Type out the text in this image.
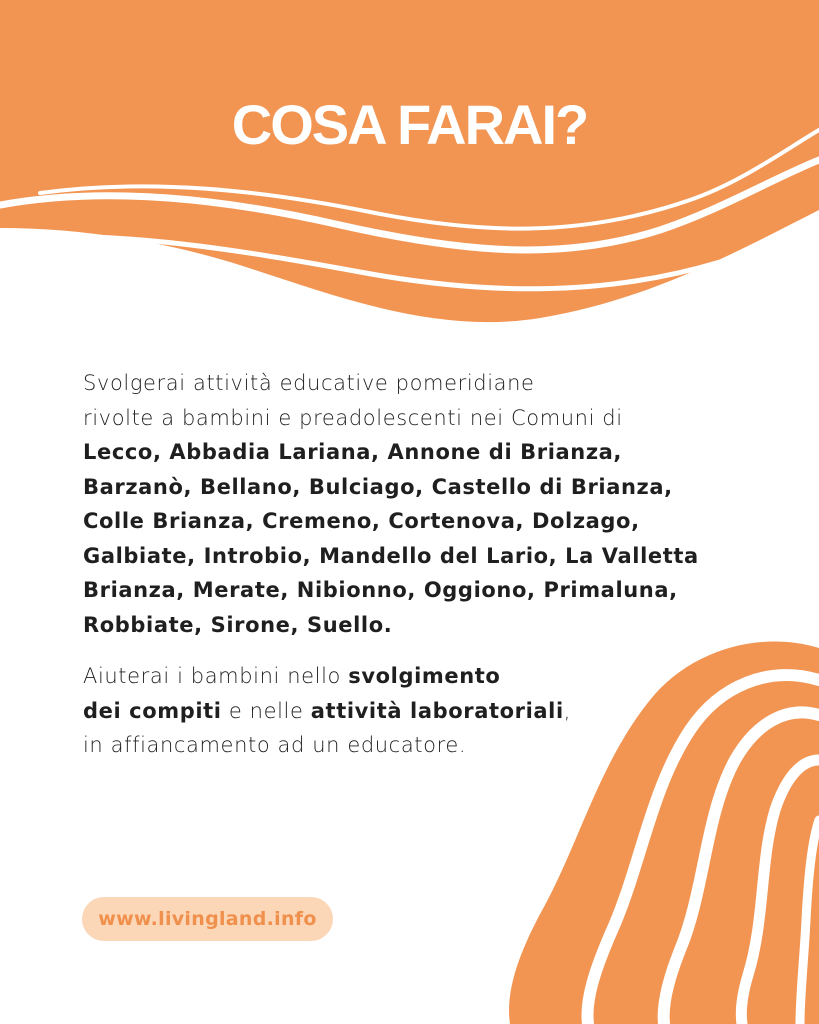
COSA FARAI?

Svolgerai attività educative pomeridiane
rivolte a bambini e preadolescenti nei Comuni di
Lecco, Abbadia Lariana, Annone di Brianza,
Barzanò, Bellano, Bulciago, Castello di Brianza,
Colle Brianza, Cremeno, Cortenova, Dolzago,
Galbiate, Introbio, Mandello del Lario, La Valletta
Brianza, Merate, Nibionno, Oggiono, Primaluna,
Robbiate, Sirone, Suello.

Aiuterai i bambini nello svolgimento
dei compiti e nelle attività laboratoriali,
in affiancamento ad un educatore.

www.livingland.info
